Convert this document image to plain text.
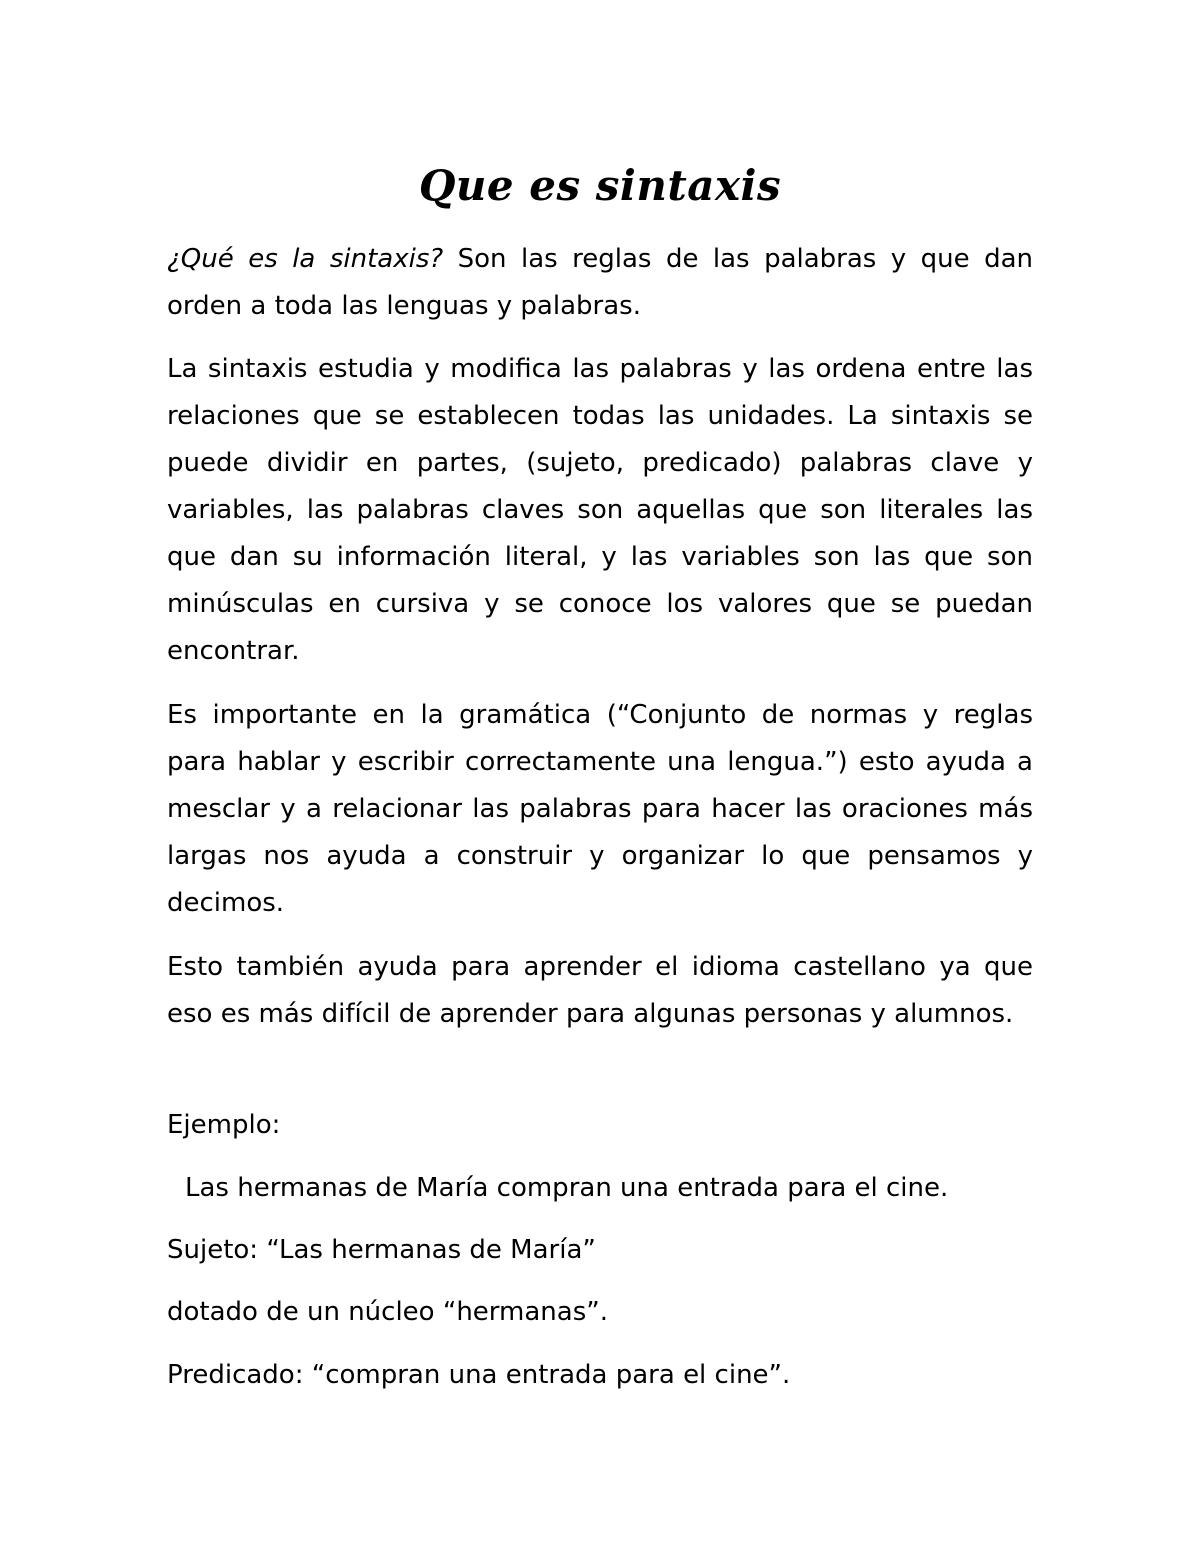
Que es sintaxis

¿Qué es la sintaxis? Son las reglas de las palabras y que dan orden a toda las lenguas y palabras.

La sintaxis estudia y modifica las palabras y las ordena entre las relaciones que se establecen todas las unidades. La sintaxis se puede dividir en partes, (sujeto, predicado) palabras clave y variables, las palabras claves son aquellas que son literales las que dan su información literal, y las variables son las que son minúsculas en cursiva y se conoce los valores que se puedan encontrar.

Es importante en la gramática (“Conjunto de normas y reglas para hablar y escribir correctamente una lengua.”) esto ayuda a mesclar y a relacionar las palabras para hacer las oraciones más largas nos ayuda a construir y organizar lo que pensamos y decimos.

Esto también ayuda para aprender el idioma castellano ya que eso es más difícil de aprender para algunas personas y alumnos.

Ejemplo:

Las hermanas de María compran una entrada para el cine.

Sujeto: “Las hermanas de María”

dotado de un núcleo “hermanas”.

Predicado: “compran una entrada para el cine”.
